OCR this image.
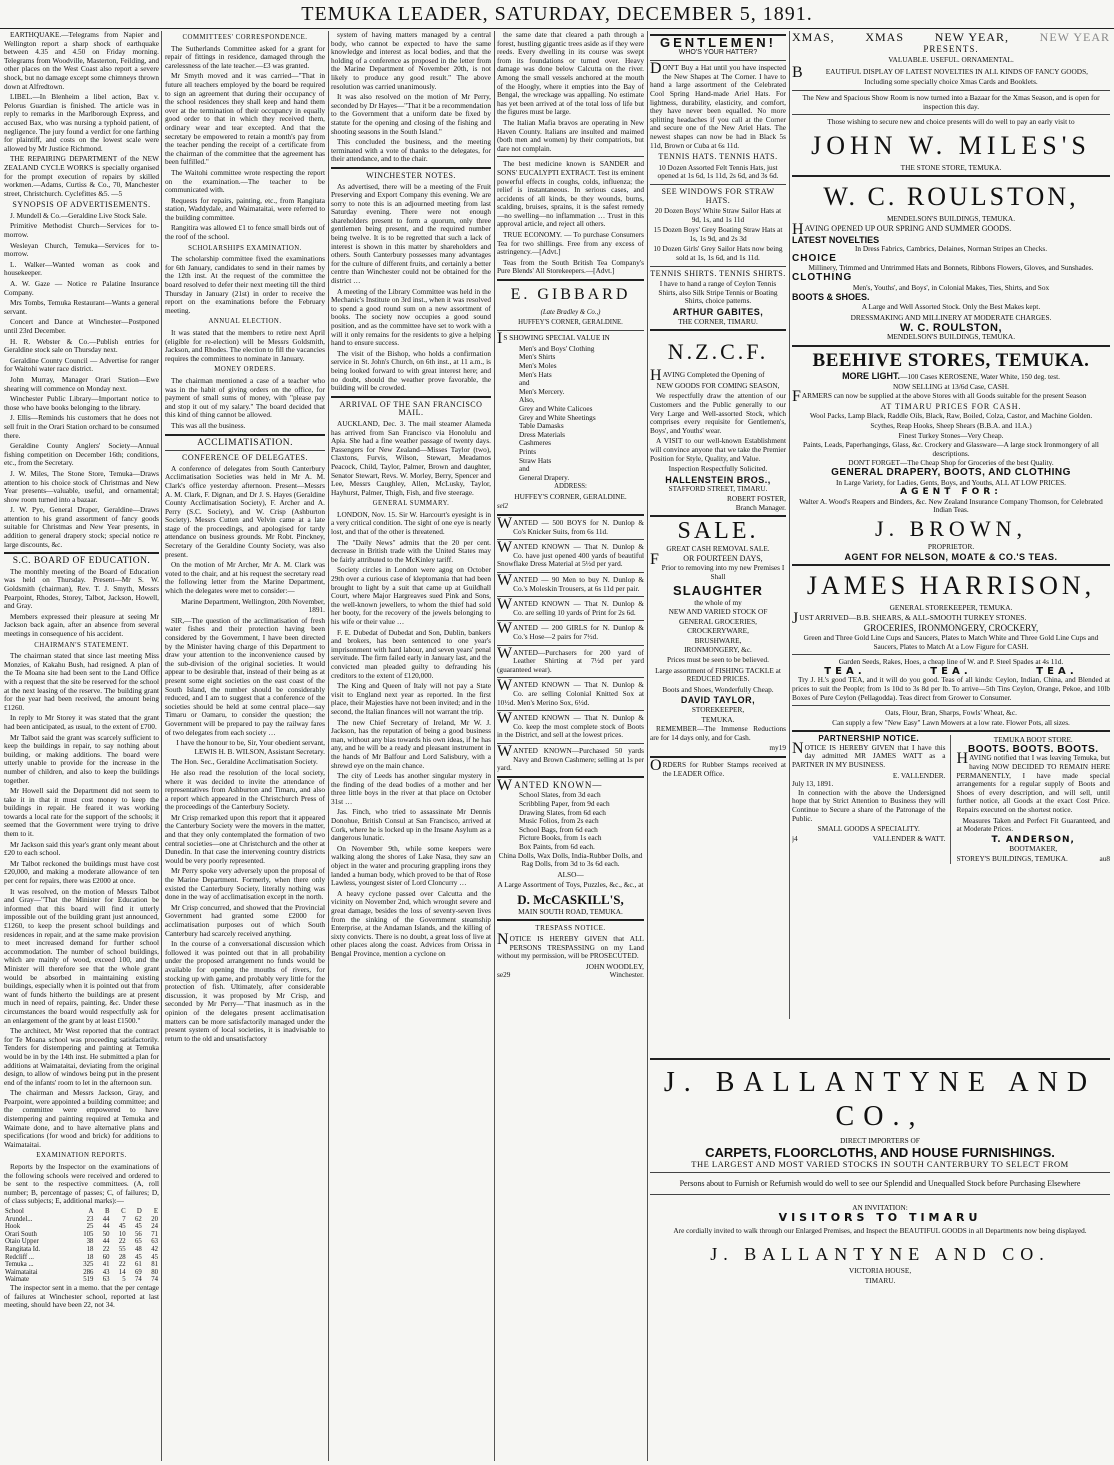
TEMUKA LEADER, SATURDAY, DECEMBER 5, 1891.

EARTHQUAKE.—Telegrams from Napier and Wellington report a sharp shock of earthquake between 4.35 and 4.50 on Friday morning. Telegrams from Woodville, Masterton, Feilding, and other places on the West Coast also report a severe shock, but no damage except some chimneys thrown down at Alfredtown.

LIBEL.—In Blenheim a libel action, Bax v. Pelorus Guardian is finished. The article was in reply to remarks in the Marlborough Express, and accused Bax, who was nursing a typhoid patient, of negligence. The jury found a verdict for one farthing for plaintiff, and costs on the lowest scale were allowed by Mr Justice Richmond.

THE REPAIRING DEPARTMENT of the NEW ZEALAND CYCLE WORKS is specially organised for the prompt execution of repairs by skilled workmen.—Adams, Curtiss & Co., 70, Manchester street, Christchurch. Cyclefittes &5. —5

SYNOPSIS OF ADVERTISEMENTS.

J. Mundell & Co.—Geraldine Live Stock Sale.

Primitive Methodist Church—Services for to-morrow.

Wesleyan Church, Temuka—Services for to-morrow.

L. Walker—Wanted woman as cook and housekeeper.

A. W. Gaze — Notice re Palatine Insurance Company.

Mrs Tombs, Temuka Restaurant—Wants a general servant.

Concert and Dance at Winchester—Postponed until 23rd December.

H. R. Webster & Co.—Publish entries for Geraldine stock sale on Thursday next.

Geraldine County Council — Advertise for ranger for Waitohi water race district.

John Murray, Manager Orari Station—Ewe shearing will commence on Monday next.

Winchester Public Library—Important notice to those who have books belonging to the library.

J. Ellis—Reminds his customers that he does not sell fruit in the Orari Station orchard to be consumed there.

Geraldine County Anglers' Society—Annual fishing competition on December 16th; conditions, etc., from the Secretary.

J. W. Miles, The Stone Store, Temuka—Draws attention to his choice stock of Christmas and New Year presents—valuable, useful, and ornamental; show room turned into a bazaar.

J. W. Pye, General Draper, Geraldine—Draws attention to his grand assortment of fancy goods suitable for Christmas and New Year presents, in addition to general drapery stock; special notice re large discounts, &c.

S.C. BOARD OF EDUCATION.

The monthly meeting of the Board of Education was held on Thursday. Present—Mr S. W. Goldsmith (chairman), Rev. T. J. Smyth, Messrs Pearpoint, Rhodes, Storey, Talbot, Jackson, Howell, and Gray.

Members expressed their pleasure at seeing Mr Jackson back again, after an absence from several meetings in consequence of his accident.

CHAIRMAN'S STATEMENT.

The chairman stated that since last meeting Miss Monzies, of Kakahu Bush, had resigned. A plan of the Te Moana site had been sent to the Land Office with a request that the site be reserved for the school at the next leasing of the reserve. The building grant for the year had been received, the amount being £1260.

In reply to Mr Storey it was stated that the grant had been anticipated, as usual, to the extent of £700.

Mr Talbot said the grant was scarcely sufficient to keep the buildings in repair, to say nothing about building, or making additions. The board were utterly unable to provide for the increase in the number of children, and also to keep the buildings together.

Mr Howell said the Department did not seem to take it in that it must cost money to keep the buildings in repair. He feared it was working towards a local rate for the support of the schools; it seemed that the Government were trying to drive them to it.

Mr Jackson said this year's grant only meant about £20 to each school.

Mr Talbot reckoned the buildings must have cost £20,000, and making a moderate allowance of ten per cent for repairs, there was £2000 at once.

It was resolved, on the motion of Messrs Talbot and Gray—"That the Minister for Education be informed that this board will find it utterly impossible out of the building grant just announced, £1260, to keep the present school buildings and residences in repair, and at the same make provision to meet increased demand for further school accommodation. The number of school buildings, which are mainly of wood, exceed 100, and the Minister will therefore see that the whole grant would be absorbed in maintaining existing buildings, especially when it is pointed out that from want of funds hitherto the buildings are at present much in need of repairs, painting, &c. Under these circumstances the board would respectfully ask for an enlargement of the grant by at least £1500."

The architect, Mr West reported that the contract for Te Moana school was proceeding satisfactorily. Tenders for distempering and painting at Temuka would be in by the 14th inst. He submitted a plan for additions at Waimataitai, deviating from the original design, to allow of windows being put in the present end of the infants' room to let in the afternoon sun.

The chairman and Messrs Jackson, Gray, and Pearpoint, were appointed a building committee; and the committee were empowered to have distempering and painting required at Temuka and Waimate done, and to have alternative plans and specifications (for wood and brick) for additions to Waimataitai.

EXAMINATION REPORTS.

Reports by the Inspector on the examinations of the following schools were received and ordered to be sent to the respective committees. (A, roll number; B, percentage of passes; C, of failures; D, of class subjects; E, additional marks):—

School	A	B	C	D	E
Arundel...	23	44	7	62	20
Hook	25	44	45	45	24
Orari South	105	50	10	56	71
Otaio Upper	38	44	22	65	63
Rangitata Id.	18	22	55	48	42
Redcliff ...	18	60	28	45	45
Temuka ...	325	41	22	61	81
Waimataitai	286	43	14	69	80
Waimate	519	63	5	74	74

The inspector sent in a memo. that the per centage of failures at Winchester school, reported at last meeting, should have been 22, not 34.

COMMITTEES' CORRESPONDENCE.

The Sutherlands Committee asked for a grant for repair of fittings in residence, damaged through the carelessness of the late teacher.—£3 was granted.

Mr Smyth moved and it was carried—"That in future all teachers employed by the board be required to sign an agreement that during their occupancy of the school residences they shall keep and hand them over at the termination of their occupancy in equally good order to that in which they received them, ordinary wear and tear excepted. And that the secretary be empowered to retain a month's pay from the teacher pending the receipt of a certificate from the chairman of the committee that the agreement has been fulfilled."

The Waitohi committee wrote respecting the report on the examination.—The teacher to be communicated with.

Requests for repairs, painting, etc., from Rangitata station, Waddydale, and Waimataitai, were referred to the building committee.

Rangitira was allowed £1 to fence small birds out of the roof of the school.

SCHOLARSHIPS EXAMINATION.

The scholarship committee fixed the examinations for 6th January, candidates to send in their names by the 12th inst. At the request of the committee the board resolved to defer their next meeting till the third Thursday in January (21st) in order to receive the report on the examinations before the February meeting.

ANNUAL ELECTION.

It was stated that the members to retire next April (eligible for re-election) will be Messrs Goldsmith, Jackson, and Rhodes. The election to fill the vacancies requires the committees to nominate in January.

MONEY ORDERS.

The chairman mentioned a case of a teacher who was in the habit of giving orders on the office, for payment of small sums of money, with "please pay and stop it out of my salary." The board decided that this kind of thing cannot be allowed.

This was all the business.

ACCLIMATISATION.
CONFERENCE OF DELEGATES.

A conference of delegates from South Canterbury Acclimatisation Societies was held in Mr A. M. Clark's office yesterday afternoon. Present—Messrs A. M. Clark, F. Dignan, and Dr J. S. Hayes (Geraldine County Acclimatisation Society), F. Archer and A. Perry (S.C. Society), and W. Crisp (Ashburton Society). Messrs Cutten and Velvin came at a late stage of the proceedings, and apologised for tardy attendance on business grounds. Mr Robt. Pinckney, Secretary of the Geraldine County Society, was also present.

On the motion of Mr Archer, Mr A. M. Clark was voted to the chair, and at his request the secretary read the following letter from the Marine Department, which the delegates were met to consider:—

Marine Department, Wellington, 20th November, 1891.

SIR,—The question of the acclimatisation of fresh water fishes and their protection having been considered by the Government, I have been directed by the Minister having charge of this Department to draw your attention to the inconvenience caused by the sub-division of the original societies. It would appear to be desirable that, instead of their being as at present some eight societies on the east coast of the South Island, the number should be considerably reduced, and I am to suggest that a conference of the societies should be held at some central place—say Timaru or Oamaru, to consider the question; the Government will be prepared to pay the railway fares of two delegates from each society …

I have the honour to be, Sir, Your obedient servant, LEWIS H. B. WILSON, Assistant Secretary.

The Hon. Sec., Geraldine Acclimatisation Society.

He also read the resolution of the local society, where it was decided to invite the attendance of representatives from Ashburton and Timaru, and also a report which appeared in the Christchurch Press of the proceedings of the Canterbury Society.

Mr Crisp remarked upon this report that it appeared the Canterbury Society were the movers in the matter, and that they only contemplated the formation of two central societies—one at Christchurch and the other at Dunedin. In that case the intervening country districts would be very poorly represented.

Mr Perry spoke very adversely upon the proposal of the Marine Department. Formerly, when there only existed the Canterbury Society, literally nothing was done in the way of acclimatisation except in the north.

Mr Crisp concurred, and showed that the Provincial Government had granted some £2000 for acclimatisation purposes out of which South Canterbury had scarcely received anything.

In the course of a conversational discussion which followed it was pointed out that in all probability under the proposed arrangement no funds would be available for opening the mouths of rivers, for stocking up with game, and probably very little for the protection of fish. Ultimately, after considerable discussion, it was proposed by Mr Crisp, and seconded by Mr Perry—"That inasmuch as in the opinion of the delegates present acclimatisation matters can be more satisfactorily managed under the present system of local societies, it is inadvisable to return to the old and unsatisfactory

system of having matters managed by a central body, who cannot be expected to have the same knowledge and interest as local bodies, and that the holding of a conference as proposed in the letter from the Marine Department of November 20th, is not likely to produce any good result." The above resolution was carried unanimously.

It was also resolved on the motion of Mr Perry, seconded by Dr Hayes—"That it be a recommendation to the Government that a uniform date be fixed by statute for the opening and closing of the fishing and shooting seasons in the South Island."

This concluded the business, and the meeting terminated with a vote of thanks to the delegates, for their attendance, and to the chair.

WINCHESTER NOTES.

As advertised, there will be a meeting of the Fruit Preserving and Export Company this evening. We are sorry to note this is an adjourned meeting from last Saturday evening. There were not enough shareholders present to form a quorum, only three gentlemen being present, and the required number being twelve. It is to be regretted that such a lack of interest is shown in this matter by shareholders and others. South Canterbury possesses many advantages for the culture of different fruits, and certainly a better centre than Winchester could not be obtained for the district …

A meeting of the Library Committee was held in the Mechanic's Institute on 3rd inst., when it was resolved to spend a good round sum on a new assortment of books. The society now occupies a good sound position, and as the committee have set to work with a will it only remains for the residents to give a helping hand to ensure success.

The visit of the Bishop, who holds a confirmation service in St. John's Church, on 6th inst., at 11 a.m., is being looked forward to with great interest here; and no doubt, should the weather prove favorable, the building will be crowded.

ARRIVAL OF THE SAN FRANCISCO MAIL.

AUCKLAND, Dec. 3. The mail steamer Alameda has arrived from San Francisco via Honolulu and Apia. She had a fine weather passage of twenty days. Passengers for New Zealand—Misses Taylor (two), Claxtons, Furvis, Wilson, Stewart, Meadamos Peacock, Child, Taylor, Palmer, Brown and daughter, Senator Stewart, Revs. W. Morley, Berry, Spencer and Lee, Messrs Caughley, Allen, McLusky, Taylor, Hayhurst, Palmer, Thigh, Fish, and five steerage.

GENERAL SUMMARY.

LONDON, Nov. 15. Sir W. Harcourt's eyesight is in a very critical condition. The sight of one eye is nearly lost, and that of the other is threatened.

The "Daily News" admits that the 20 per cent. decrease in British trade with the United States may be fairly attributed to the McKinley tariff.

Society circles in London were agog on October 29th over a curious case of kleptomania that had been brought to light by a suit that came up at Guildhall Court, where Major Hargreaves sued Pink and Sons, the well-known jewellers, to whom the thief had sold her booty, for the recovery of the jewels belonging to his wife or their value …

F. E. Dubedat of Dubedat and Son, Dublin, bankers and brokers, has been sentenced to one year's imprisonment with hard labour, and seven years' penal servitude. The firm failed early in January last, and the convicted man pleaded guilty to defrauding his creditors to the extent of £120,000.

The King and Queen of Italy will not pay a State visit to England next year as reported. In the first place, their Majesties have not been invited; and in the second, the Italian finances will not warrant the trip.

The new Chief Secretary of Ireland, Mr W. J. Jackson, has the reputation of being a good business man, without any bias towards his own ideas, if he has any, and he will be a ready and pleasant instrument in the hands of Mr Balfour and Lord Salisbury, with a shrewd eye on the main chance.

The city of Leeds has another singular mystery in the finding of the dead bodies of a mother and her three little boys in the river at that place on October 31st …

Jas. Finch, who tried to assassinate Mr Dennis Donohue, British Consul at San Francisco, arrived at Cork, where he is locked up in the Insane Asylum as a dangerous lunatic.

On November 9th, while some keepers were walking along the shores of Lake Nasa, they saw an object in the water and procuring grappling irons they landed a human body, which proved to be that of Rose Lawless, youngest sister of Lord Cloncurry …

A heavy cyclone passed over Calcutta and the vicinity on November 2nd, which wrought severe and great damage, besides the loss of seventy-seven lives from the sinking of the Government steamship Enterprise, at the Andaman Islands, and the killing of sixty convicts. There is no doubt, a great loss of live at other places along the coast. Advices from Orissa in Bengal Province, mention a cyclone on

the same date that cleared a path through a forest, hustling gigantic trees aside as if they were reeds. Every dwelling in its course was swept from its foundations or turned over. Heavy damage was done below Calcutta on the river. Among the small vessels anchored at the mouth of the Hoogly, where it empties into the Bay of Bengal, the wreckage was appalling. No estimate has yet been arrived at of the total loss of life but the figures must be large.

The Italian Mafia bravos are operating in New Haven County. Italians are insulted and maimed (both men and women) by their compatriots, but dare not complain.

The best medicine known is SANDER and SONS' EUCALYPTI EXTRACT. Test its eminent powerful effects in coughs, colds, influenza; the relief is instantaneous. In serious cases, and accidents of all kinds, be they wounds, burns, scalding, bruises, sprains, it is the safest remedy—no swelling—no inflammation … Trust in this approval article, and reject all others.

TRUE ECONOMY. — To purchase Consumers Tea for two shillings. Free from any excess of astringency.—[Advt.]

Teas from the South British Tea Company's Pure Blends' All Storekeepers.—[Advt.]

E. GIBBARD
(Late Bradley & Co.,)
HUFFEY'S CORNER, GERALDINE.

IS SHOWING SPECIAL VALUE IN

Men's and Boys' Clothing
Men's Shirts
Men's Moles
Men's Hats
and
Men's Mercery.
Also,
Grey and White Calicoes
Grey and White Sheetings
Table Damasks
Dress Materials
Cashmeres
Prints
Straw Hats
and
General Drapery.
ADDRESS:
HUFFEY'S CORNER, GERALDINE.
sel2

WANTED — 500 BOYS for N. Dunlop & Co's Knicker Suits, from 6s 11d.

WANTED KNOWN — That N. Dunlop & Co. have just opened 400 yards of beautiful Snowflake Dress Material at 5½d per yard.

WANTED — 90 Men to buy N. Dunlop & Co.'s Moleskin Trousers, at 6s 11d per pair.

WANTED KNOWN — That N. Dunlop & Co. are selling 10 yards of Print for 2s 6d.

WANTED — 200 GIRLS for N. Dunlop & Co.'s Hose—2 pairs for 7½d.

WANTED—Purchasers for 200 yard of Leather Shirting at 7½d per yard (guaranteed wear).

WANTED KNOWN — That N. Dunlop & Co. are selling Colonial Knitted Sox at 10½d. Men's Merino Sox, 6½d.

WANTED KNOWN — That N. Dunlop & Co. keep the most complete stock of Boots in the District, and sell at the lowest prices.

WANTED KNOWN—Purchased 50 yards Navy and Brown Cashmere; selling at 1s per yard.

WANTED KNOWN—

School Slates, from 3d each
Scribbling Paper, from 9d each
Drawing Slates, from 6d each
Music Folios, from 2s each
School Bags, from 6d each
Picture Books, from 1s each
Box Paints, from 6d each.

China Dolls, Wax Dolls, India-Rubber Dolls, and Rag Dolls, from 3d to 3s 6d each.

ALSO—

A Large Assortment of Toys, Puzzles, &c., &c., at

D. McCASKILL'S,
MAIN SOUTH ROAD, TEMUKA.
TRESPASS NOTICE.

NOTICE IS HEREBY GIVEN that ALL PERSONS TRESPASSING on my Land without my permission, will be PROSECUTED.

JOHN WOODLEY,
se29	Winchester.
GENTLEMEN!
WHO'S YOUR HATTER?

DON'T Buy a Hat until you have inspected the New Shapes at The Corner. I have to hand a large assortment of the Celebrated Cool Spring Hand-made Ariel Hats. For lightness, durability, elasticity, and comfort, they have never been equalled. No more splitting headaches if you call at the Corner and secure one of the New Ariel Hats. The newest shapes can now be had in Black 5s 11d, Brown or Cuba at 6s 11d.

TENNIS HATS. TENNIS HATS.

10 Dozen Assorted Felt Tennis Hats, just opened at 1s 6d, 1s 11d, 2s 6d, and 3s 6d.

SEE WINDOWS FOR STRAW HATS.

20 Dozen Boys' White Straw Sailor Hats at 9d, 1s, and 1s 11d

15 Dozen Boys' Grey Boating Straw Hats at 1s, 1s 9d, and 2s 3d

10 Dozen Girls' Grey Sailor Hats now being sold at 1s, 1s 6d, and 1s 11d.

TENNIS SHIRTS. TENNIS SHIRTS.

I have to hand a range of Ceylon Tennis Shirts, also Silk Stripe Tennis or Boating Shirts, choice patterns.

ARTHUR GABITES,
THE CORNER, TIMARU.
N.Z.C.F.

HAVING Completed the Opening of

NEW GOODS FOR COMING SEASON,

We respectfully draw the attention of our Customers and the Public generally to our Very Large and Well-assorted Stock, which comprises every requisite for Gentlemen's, Boys', and Youths' wear.

A VISIT to our well-known Establishment will convince anyone that we take the Premier Position for Style, Quality, and Value.

Inspection Respectfully Solicited.

HALLENSTEIN BROS.,
STAFFORD STREET, TIMARU.
ROBERT FOSTER,
Branch Manager.
SALE.
GREAT CASH REMOVAL SALE.
FOR FOURTEEN DAYS,
Prior to removing into my new Premises I Shall
SLAUGHTER
the whole of my
NEW AND VARIED STOCK OF
GENERAL GROCERIES,
CROCKERYWARE,
BRUSHWARE,
IRONMONGERY, &c.

Prices must be seen to be believed.

Large assortment of FISHING TACKLE at REDUCED PRICES.

Boots and Shoes, Wonderfully Cheap.

DAVID TAYLOR,
STOREKEEPER,
TEMUKA.

REMEMBER—The Immense Reductions are for 14 days only, and for Cash.

my19

ORDERS for Rubber Stamps received at the LEADER Office.

XMAS,	XMAS	NEW YEAR,	NEW YEAR
PRESENTS.
VALUABLE. USEFUL. ORNAMENTAL.

BEAUTIFUL DISPLAY OF LATEST NOVELTIES IN ALL KINDS OF FANCY GOODS,

Including some specially choice Xmas Cards and Booklets.

The New and Spacious Show Room is now turned into a Bazaar for the Xmas Season, and is open for inspection this day.

Those wishing to secure new and choice presents will do well to pay an early visit to

JOHN W. MILES'S
THE STONE STORE, TEMUKA.
W. C. ROULSTON,
MENDELSON'S BUILDINGS, TEMUKA.

HAVING OPENED UP OUR SPRING AND SUMMER GOODS.

LATEST NOVELTIES
In Dress Fabrics, Cambrics, Delaines, Norman Stripes an Checks.
CHOICE
Millinery, Trimmed and Untrimmed Hats and Bonnets, Ribbons Flowers, Gloves, and Sunshades.
CLOTHING
Men's, Youths', and Boys', in Colonial Makes, Ties, Shirts, and Sox
BOOTS & SHOES.
A Large and Well Assorted Stock. Only the Best Makes kept.
DRESSMAKING AND MILLINERY AT MODERATE CHARGES.
W. C. ROULSTON,
MENDELSON'S BUILDINGS, TEMUKA.
BEEHIVE STORES, TEMUKA.
MORE LIGHT.—100 Cases KEROSENE, Water White, 150 deg. test.
NOW SELLING at 13/6d Case, CASH.

FARMERS can now be supplied at the above Stores with all Goods suitable for the present Season

AT TIMARU PRICES FOR CASH.
Wool Packs, Lamp Black, Raddle Oils, Black, Raw, Boiled, Colza, Castor, and Machine Golden.
Scythes, Reap Hooks, Sheep Shears (B.B.A. and 1I.A.)
Finest Turkey Stones—Very Cheap.
Paints, Leads, Paperhangings, Glass, &c. Crockery and Glassware—A large stock Ironmongery of all descriptions.
DON'T FORGET—The Cheap Shop for Groceries of the best Quality.
GENERAL DRAPERY, BOOTS, AND CLOTHING
In Large Variety, for Ladies, Gents, Boys, and Youths, ALL AT LOW PRICES.
AGENT FOR:
Walter A. Wood's Reapers and Binders, &c. New Zealand Insurance Company Thomson, for Celebrated Indian Teas.
J. BROWN,
PROPRIETOR.
AGENT FOR NELSON, MOATE & CO.'S TEAS.
JAMES HARRISON,
GENERAL STOREKEEPER, TEMUKA.

JUST ARRIVED—B.B. SHEARS, & ALL-SMOOTH TURKEY STONES.

GROCERIES, IRONMONGERY, CROCKERY,
Green and Three Gold Line Cups and Saucers, Plates to Match White and Three Gold Line Cups and Saucers, Plates to Match At a Low Figure for CASH.
Garden Seeds, Rakes, Hoes, a cheap line of W. and P. Steel Spades at 4s 11d.
TEA.	TEA.	TEA.

Try J. H.'s good TEA, and it will do you good. Teas of all kinds: Ceylon, Indian, China, and Blended at prices to suit the People; from 1s 10d to 3s 8d per lb. To arrive—5th Tins Ceylon, Orange, Pekoe, and 10lb Boxes of Pure Ceylon (Pellagodda). Teas direct from Grower to Consumer.

Oats, Flour, Bran, Sharps, Fowls' Wheat, &c.
Can supply a few "New Easy" Lawn Mowers at a low rate. Flower Pots, all sizes.
PARTNERSHIP NOTICE.

NOTICE IS HEREBY GIVEN that I have this day admitted MR JAMES WATT as a PARTNER IN MY BUSINESS.

E. VALLENDER.
July 13, 1891.

In connection with the above the Undersigned hope that by Strict Attention to Business they will Continue to Secure a share of the Patronage of the Public.

SMALL GOODS A SPECIALITY.
j4	VALLENDER & WATT.
TEMUKA BOOT STORE.
BOOTS. BOOTS. BOOTS.

HAVING notified that I was leaving Temuka, but having NOW DECIDED TO REMAIN HERE PERMANENTLY, I have made special arrangements for a regular supply of Boots and Shoes of every description, and will sell, until further notice, all Goods at the exact Cost Price. Repairs executed on the shortest notice.

Measures Taken and Perfect Fit Guaranteed, and at Moderate Prices.

T. ANDERSON,
BOOTMAKER,
STOREY'S BUILDINGS, TEMUKA.	au8
J. BALLANTYNE AND CO.,
DIRECT IMPORTERS OF
CARPETS, FLOORCLOTHS, AND HOUSE FURNISHINGS.
THE LARGEST AND MOST VARIED STOCKS IN SOUTH CANTERBURY TO SELECT FROM
Persons about to Furnish or Refurnish would do well to see our Splendid and Unequalled Stock before Purchasing Elsewhere
AN INVITATION:
VISITORS TO TIMARU
Are cordially invited to walk through our Enlarged Premises, and Inspect the BEAUTIFUL GOODS in all Departments now being displayed.
J. BALLANTYNE AND CO.
VICTORIA HOUSE,
TIMARU.
